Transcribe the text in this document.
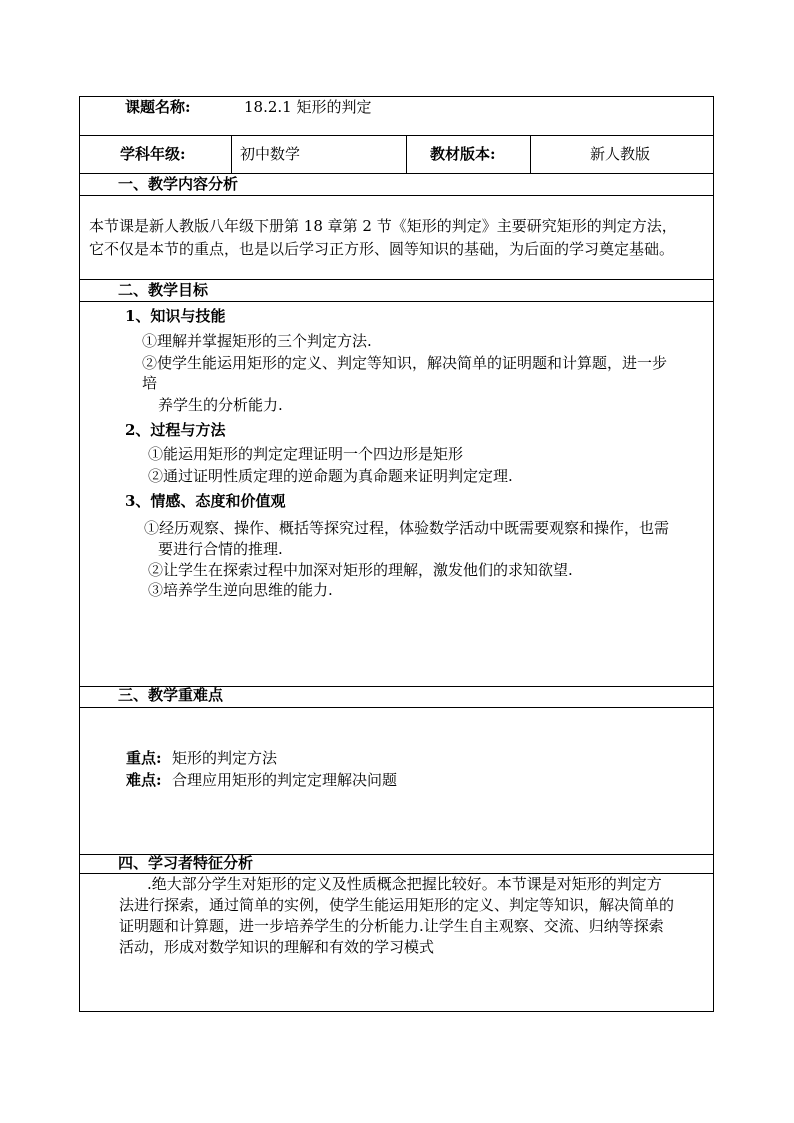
课题名称:	18.2.1 矩形的判定
学科年级:	初中数学	教材版本:	新人教版
一、教学内容分析
本节课是新人教版八年级下册第 18 章第 2 节《矩形的判定》主要研究矩形的判定方法，
它不仅是本节的重点，也是以后学习正方形、圆等知识的基础，为后面的学习奠定基础。
二、教学目标
1、知识与技能
①理解并掌握矩形的三个判定方法.
②使学生能运用矩形的定义、判定等知识，解决简单的证明题和计算题，进一步
培
养学生的分析能力.
2、过程与方法
①能运用矩形的判定定理证明一个四边形是矩形
②通过证明性质定理的逆命题为真命题来证明判定定理.
3、情感、态度和价值观
①经历观察、操作、概括等探究过程，体验数学活动中既需要观察和操作，也需
要进行合情的推理.
②让学生在探索过程中加深对矩形的理解，激发他们的求知欲望.
③培养学生逆向思维的能力.
三、教学重难点
重点: 矩形的判定方法
难点: 合理应用矩形的判定定理解决问题
四、学习者特征分析
.绝大部分学生对矩形的定义及性质概念把握比较好。本节课是对矩形的判定方
法进行探索，通过简单的实例，使学生能运用矩形的定义、判定等知识，解决简单的
证明题和计算题，进一步培养学生的分析能力.让学生自主观察、交流、归纳等探索
活动，形成对数学知识的理解和有效的学习模式
